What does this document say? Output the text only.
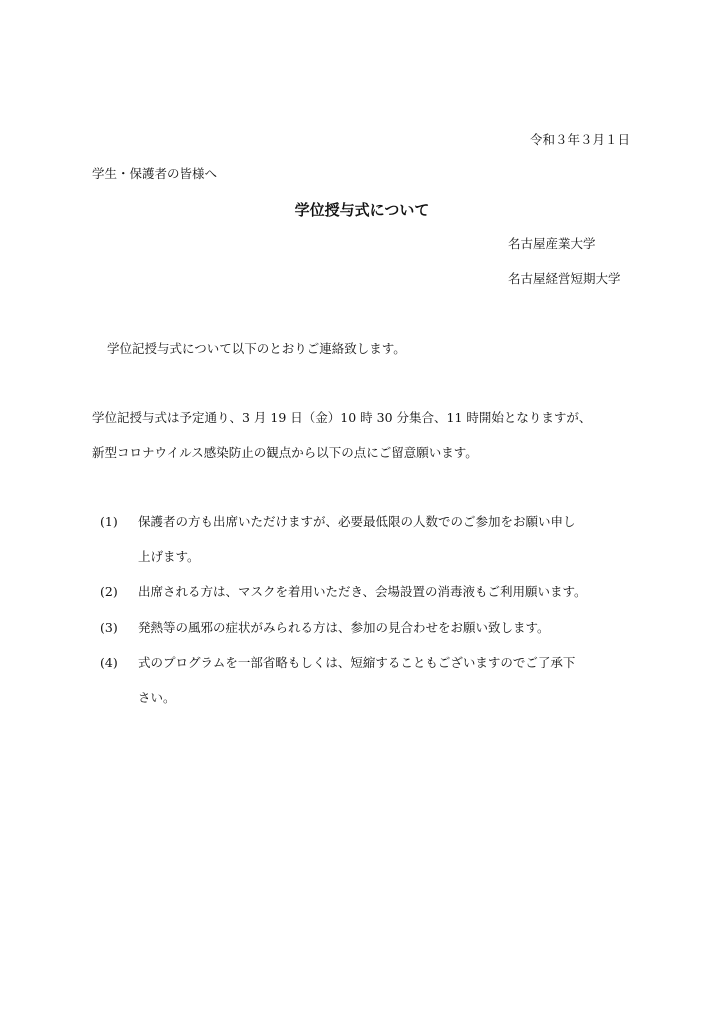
令和３年３月１日
学生・保護者の皆様へ
学位授与式について
名古屋産業大学
名古屋経営短期大学
学位記授与式について以下のとおりご連絡致します。
学位記授与式は予定通り、3 月 19 日（金）10 時 30 分集合、11 時開始となりますが、
新型コロナウイルス感染防止の観点から以下の点にご留意願います。
(1) 保護者の方も出席いただけますが、必要最低限の人数でのご参加をお願い申し
上げます。
(2) 出席される方は、マスクを着用いただき、会場設置の消毒液もご利用願います。
(3) 発熱等の風邪の症状がみられる方は、参加の見合わせをお願い致します。
(4) 式のプログラムを一部省略もしくは、短縮することもございますのでご了承下
さい。
